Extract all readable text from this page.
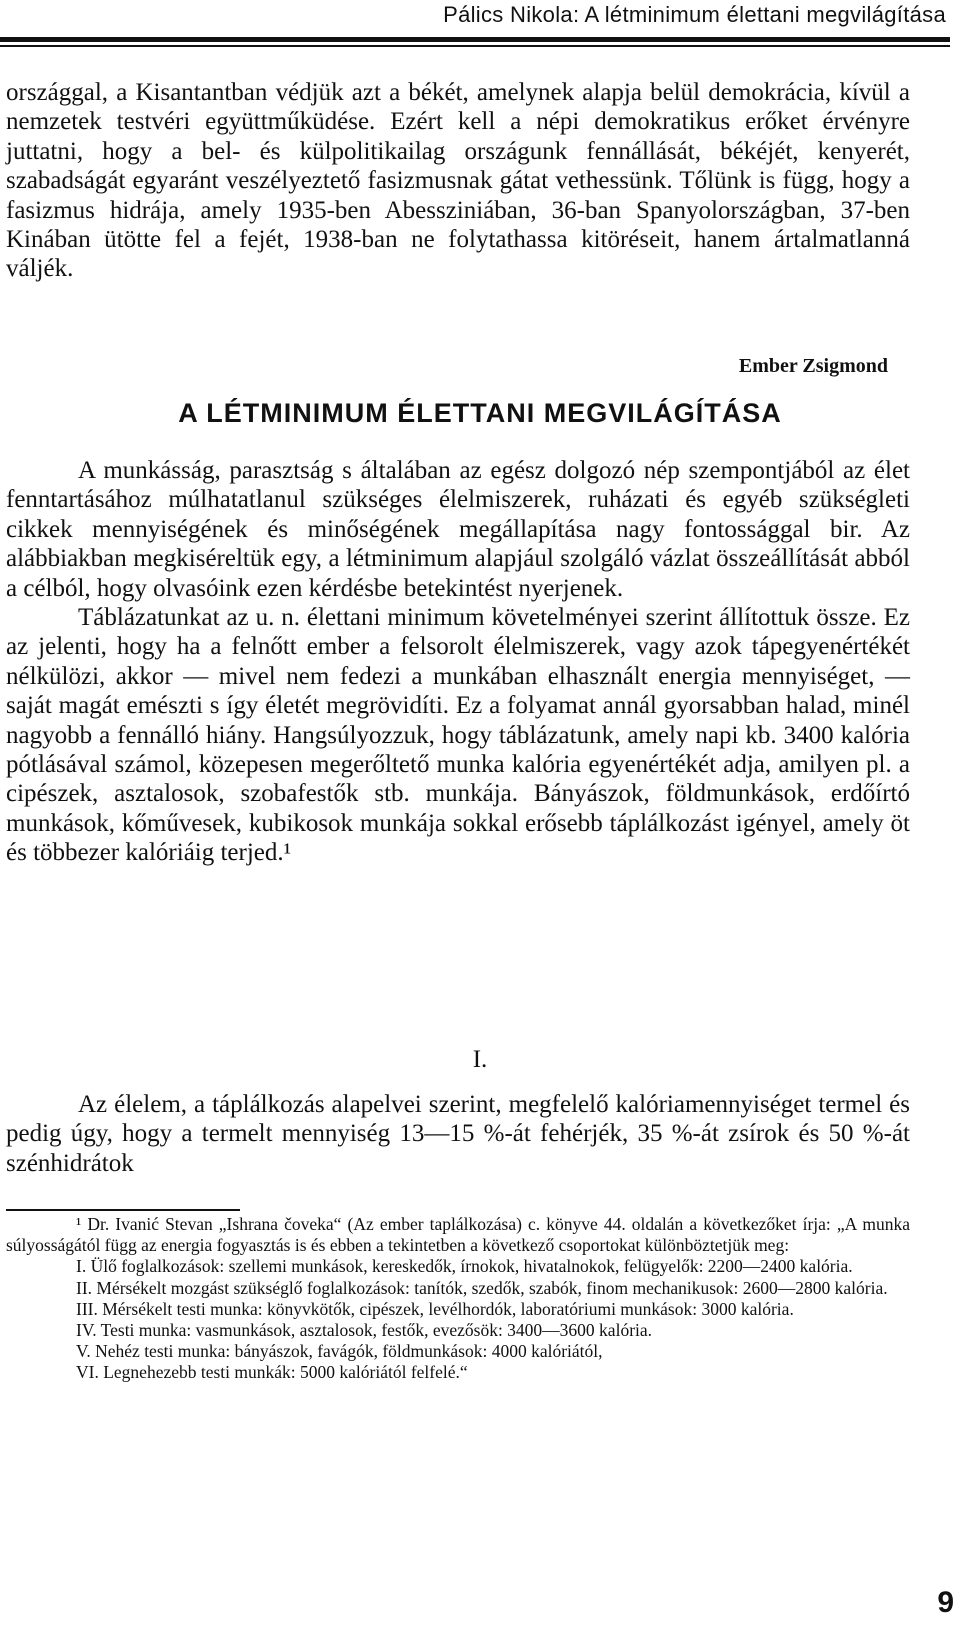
Pálics Nikola: A létminimum élettani megvilágítása

országgal, a Kisantantban védjük azt a békét, amelynek alapja belül demokrácia, kívül a nemzetek testvéri együttműküdése. Ezért kell a népi demokratikus erőket érvényre juttatni, hogy a bel- és külpolitikailag országunk fennállását, békéjét, kenyerét, szabadságát egyaránt veszélyeztető fasizmusnak gátat vethessünk. Tőlünk is függ, hogy a fasizmus hidrája, amely 1935-ben Abessziniában, 36-ban Spanyolországban, 37-ben Kinában ütötte fel a fejét, 1938-ban ne folytathassa kitöréseit, hanem ártalmatlanná váljék.

Ember Zsigmond
A LÉTMINIMUM ÉLETTANI MEGVILÁGÍTÁSA

A munkásság, parasztság s általában az egész dolgozó nép szempontjából az élet fenntartásához múlhatatlanul szükséges élelmiszerek, ruházati és egyéb szükségleti cikkek mennyiségének és minőségének megállapítása nagy fontossággal bir. Az alábbiakban megkiséreltük egy, a létminimum alapjául szolgáló vázlat összeállítását abból a célból, hogy olvasóink ezen kérdésbe betekintést nyerjenek.

Táblázatunkat az u. n. élettani minimum követelményei szerint állítottuk össze. Ez az jelenti, hogy ha a felnőtt ember a felsorolt élelmiszerek, vagy azok tápegyenértékét nélkülözi, akkor — mivel nem fedezi a munkában elhasznált energia mennyiséget, — saját magát emészti s így életét megrövidíti. Ez a folyamat annál gyorsabban halad, minél nagyobb a fennálló hiány. Hangsúlyozzuk, hogy táblázatunk, amely napi kb. 3400 kalória pótlásával számol, közepesen megerőltető munka kalória egyenértékét adja, amilyen pl. a cipészek, asztalosok, szobafestők stb. munkája. Bányászok, földmunkások, erdőírtó munkások, kőművesek, kubikosok munkája sokkal erősebb táplálkozást igényel, amely öt és többezer kalóriáig terjed.¹

I.

Az élelem, a táplálkozás alapelvei szerint, megfelelő kalóriamennyiséget termel és pedig úgy, hogy a termelt mennyiség 13—15 %-át fehérjék, 35 %-át zsírok és 50 %-át szénhidrátok

¹ Dr. Ivanić Stevan „Ishrana čoveka“ (Az ember taplálkozása) c. könyve 44. oldalán a következőket írja: „A munka súlyosságától függ az energia fogyasztás is és ebben a tekintetben a következő csoportokat különböztetjük meg:

I. Ülő foglalkozások: szellemi munkások, kereskedők, írnokok, hivatalnokok, felügyelők: 2200—2400 kalória.

II. Mérsékelt mozgást szükséglő foglalkozások: tanítók, szedők, szabók, finom mechanikusok: 2600—2800 kalória.

III. Mérsékelt testi munka: könyvkötők, cipészek, levélhordók, laboratóriumi munkások: 3000 kalória.

IV. Testi munka: vasmunkások, asztalosok, festők, evezősök: 3400—3600 kalória.

V. Nehéz testi munka: bányászok, favágók, földmunkások: 4000 kalóriától,

VI. Legnehezebb testi munkák: 5000 kalóriától felfelé.“

9
